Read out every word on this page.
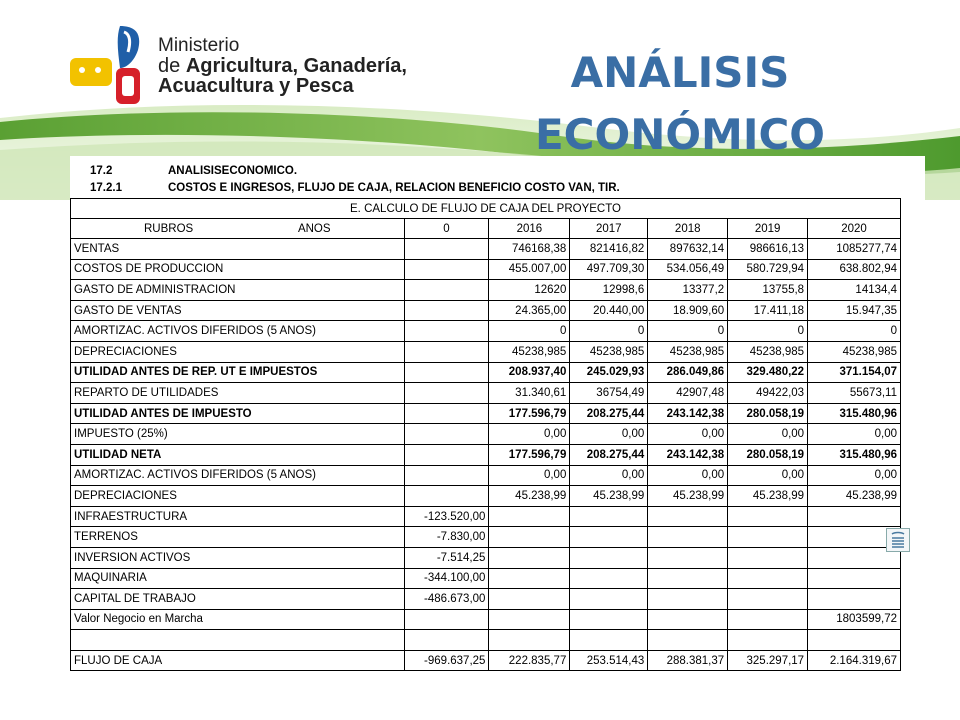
Ministerio
de Agricultura, Ganadería,
Acuacultura y Pesca	ANÁLISIS
ECONÓMICO
17.2	ANALISISECONOMICO.
17.2.1	COSTOS E INGRESOS, FLUJO DE CAJA, RELACION BENEFICIO COSTO VAN, TIR.
E. CALCULO DE FLUJO DE CAJA DEL PROYECTO						

RUBROS ANOS	0	2016	2017	2018	2019	2020
VENTAS		746168,38	821416,82	897632,14	986616,13	1085277,74
COSTOS DE PRODUCCION		455.007,00	497.709,30	534.056,49	580.729,94	638.802,94
GASTO DE ADMINISTRACION		12620	12998,6	13377,2	13755,8	14134,4
GASTO DE VENTAS		24.365,00	20.440,00	18.909,60	17.411,18	15.947,35
AMORTIZAC. ACTIVOS DIFERIDOS (5 ANOS)		0	0	0	0	0
DEPRECIACIONES		45238,985	45238,985	45238,985	45238,985	45238,985
UTILIDAD ANTES DE REP. UT E IMPUESTOS		208.937,40	245.029,93	286.049,86	329.480,22	371.154,07
REPARTO DE UTILIDADES		31.340,61	36754,49	42907,48	49422,03	55673,11
UTILIDAD ANTES DE IMPUESTO		177.596,79	208.275,44	243.142,38	280.058,19	315.480,96
IMPUESTO (25%)		0,00	0,00	0,00	0,00	0,00
UTILIDAD NETA		177.596,79	208.275,44	243.142,38	280.058,19	315.480,96
AMORTIZAC. ACTIVOS DIFERIDOS (5 ANOS)		0,00	0,00	0,00	0,00	0,00
DEPRECIACIONES		45.238,99	45.238,99	45.238,99	45.238,99	45.238,99
INFRAESTRUCTURA	-123.520,00					
TERRENOS	-7.830,00					
INVERSION ACTIVOS	-7.514,25					
MAQUINARIA	-344.100,00					
CAPITAL DE TRABAJO	-486.673,00					
Valor Negocio en Marcha						1803599,72

FLUJO DE CAJA	-969.637,25	222.835,77	253.514,43	288.381,37	325.297,17	2.164.319,67
